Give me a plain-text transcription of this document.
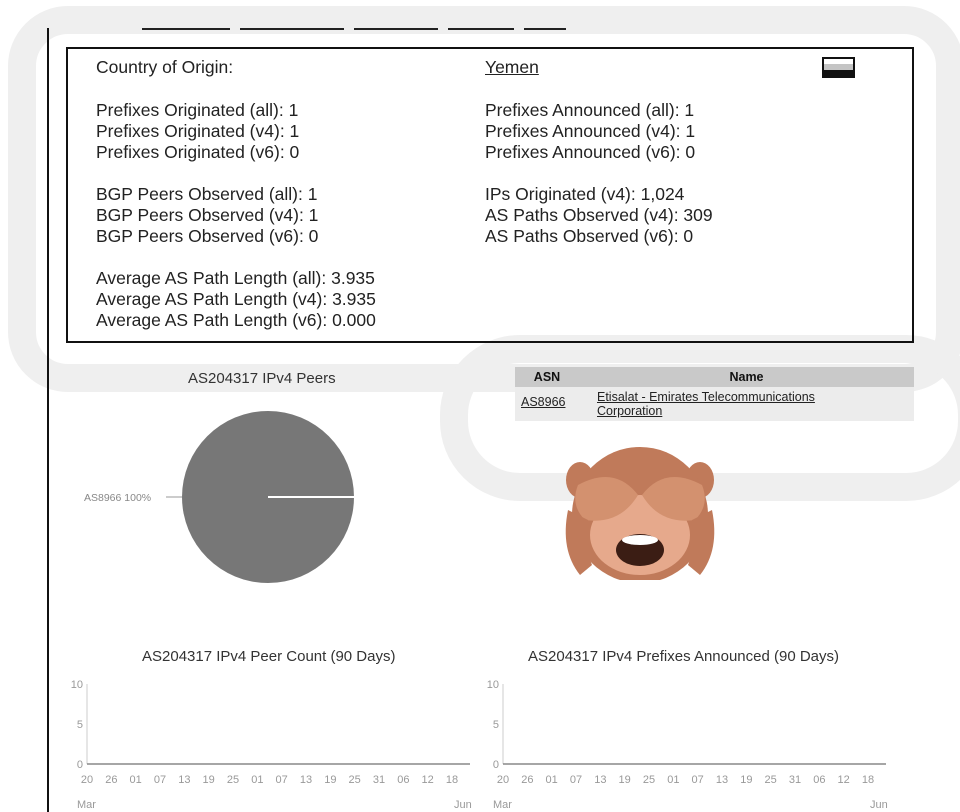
Country of Origin:	Yemen
Prefixes Originated (all): 1
Prefixes Originated (v4): 1
Prefixes Originated (v6): 0
BGP Peers Observed (all): 1
BGP Peers Observed (v4): 1
BGP Peers Observed (v6): 0
Average AS Path Length (all): 3.935
Average AS Path Length (v4): 3.935
Average AS Path Length (v6): 0.000
Prefixes Announced (all): 1
Prefixes Announced (v4): 1
Prefixes Announced (v6): 0
IPs Originated (v4): 1,024
AS Paths Observed (v4): 309
AS Paths Observed (v6): 0
AS204317 IPv4 Peers
AS8966 100%
ASN	Name
AS8966	Etisalat - Emirates Telecommunications
Corporation
AS204317 IPv4 Peer Count (90 Days)
0
5
10
20 26 01 07 13 19 25 01 07 13 19 25 31 06 12 18
Mar	Jun
AS204317 IPv4 Prefixes Announced (90 Days)
0
5
10
20 26 01 07 13 19 25 01 07 13 19 25 31 06 12 18
Mar	Jun
